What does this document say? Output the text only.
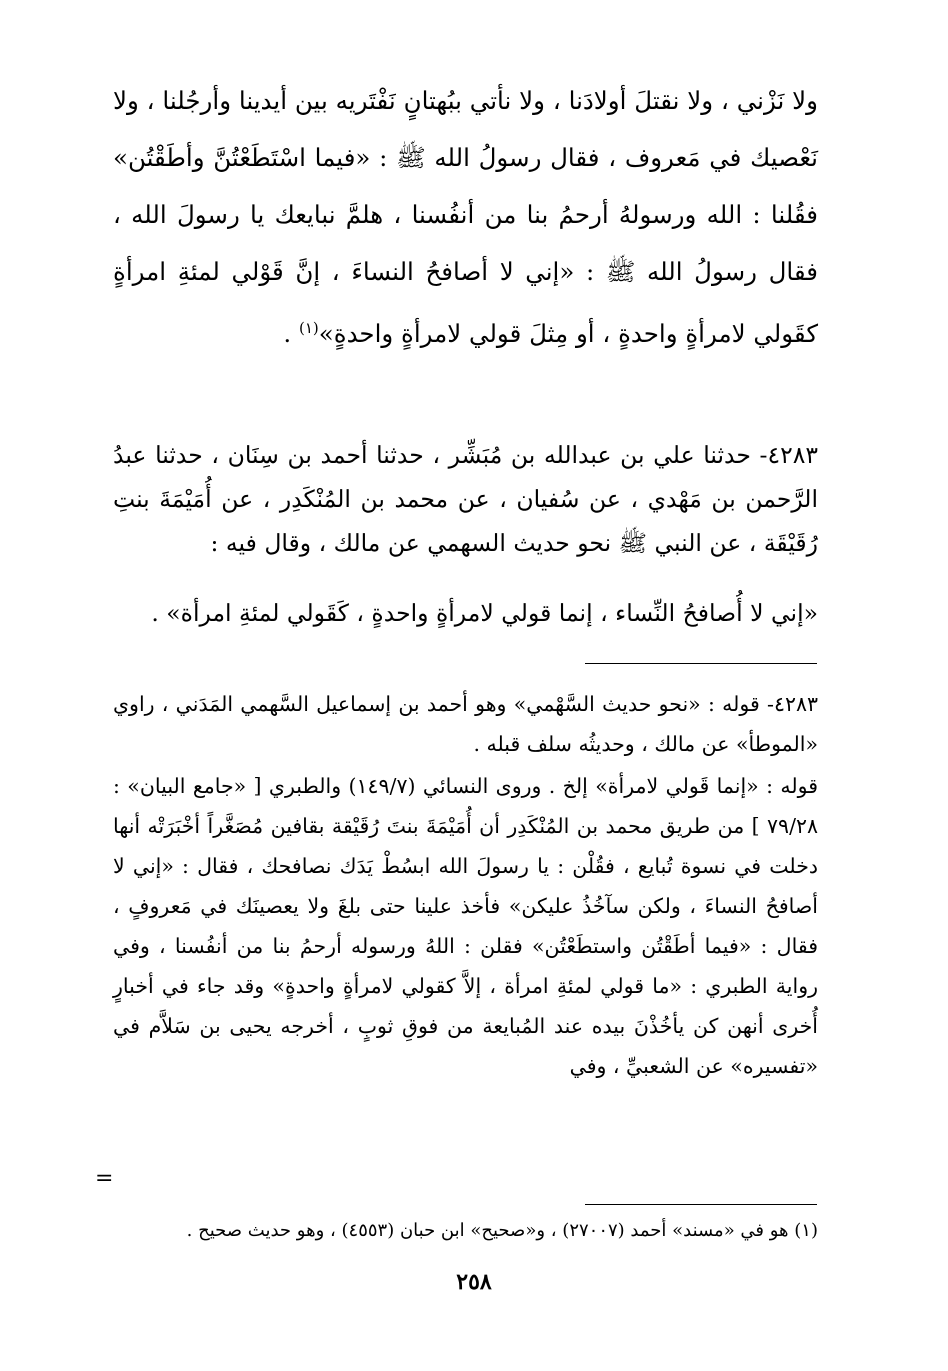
ولا نَزْني ، ولا نقتلَ أولادَنا ، ولا نأتي ببُهتانٍ نَفْتَريه بين أيدينا وأرجُلنا ، ولا نَعْصيك في مَعروف ، فقال رسولُ الله ﷺ : «فيما اسْتَطَعْتُنَّ وأطَقْتُن» فقُلنا : الله ورسولهُ أرحمُ بنا من أنفُسنا ، هلمَّ نبايعك يا رسولَ الله ، فقال رسولُ الله ﷺ : «إني لا أصافحُ النساءَ ، إنَّ قَوْلي لمئةِ امرأةٍ كقَولي لامرأةٍ واحدةٍ ، أو مِثلَ قولي لامرأةٍ واحدةٍ»$^{(١)}$ .

٤٢٨٣- حدثنا علي بن عبدالله بن مُبَشِّر ، حدثنا أحمد بن سِنَان ، حدثنا عبدُ الرَّحمن بن مَهْدي ، عن سُفيان ، عن محمد بن المُنْكَدِر ، عن أُمَيْمَةَ بنتِ رُقَيْقَة ، عن النبي ﷺ نحو حديث السهمي عن مالك ، وقال فيه :

«إني لا أُصافحُ النِّساء ، إنما قولي لامرأةٍ واحدةٍ ، كَقَولي لمئةِ امرأة» .

٤٢٨٣- قوله : «نحو حديث السَّهْمي» وهو أحمد بن إسماعيل السَّهمي المَدَني ، راوي «الموطأ» عن مالك ، وحديثُه سلف قبله .

قوله : «إنما قَولي لامرأة» إلخ . وروى النسائي (١٤٩/٧) والطبري [ «جامع البيان» : ٧٩/٢٨ ] من طريق محمد بن المُنْكَدِر أن أُمَيْمَةَ بنتَ رُقَيْقة بقافين مُصَغَّراً أخْبَرَتْه أنها دخلت في نسوة تُبايع ، فقُلْن : يا رسولَ الله ابسُطْ يَدَك نصافحك ، فقال : «إني لا أصافحُ النساءَ ، ولكن سآخُذُ عليكن» فأخذ علينا حتى بلغَ ولا يعصينَك في مَعروفٍ ، فقال : «فيما أطَقْتُن واستطَعْتُن» فقلن : اللهُ ورسوله أرحمُ بنا من أنفُسنا ، وفي رواية الطبري : «ما قولي لمئةِ امرأة ، إلاَّ كقولي لامرأةٍ واحدةٍ» وقد جاء في أخبارٍ أُخرى أنهن كن يأخُذْنَ بيده عند المُبايعة من فوقِ ثوبٍ ، أخرجه يحيى بن سَلاَّم في «تفسيره» عن الشعبيِّ ، وفي

=

(١) هو في «مسند» أحمد (٢٧٠٠٧) ، و«صحيح» ابن حبان (٤٥٥٣) ، وهو حديث صحيح .

٢٥٨
